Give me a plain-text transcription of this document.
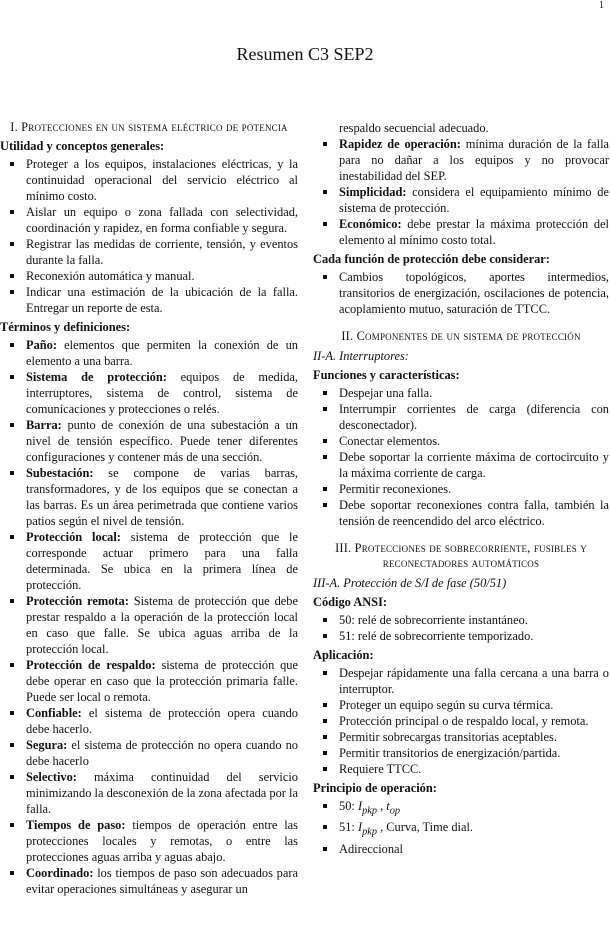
1
Resumen C3 SEP2
I. Protecciones en un sistema eléctrico de potencia
Utilidad y conceptos generales:
Proteger a los equipos, instalaciones eléctricas, y la continuidad operacional del servicio eléctrico al mínimo costo.
Aislar un equipo o zona fallada con selectividad, coordinación y rapidez, en forma confiable y segura.
Registrar las medidas de corriente, tensión, y eventos durante la falla.
Reconexión automática y manual.
Indicar una estimación de la ubicación de la falla. Entregar un reporte de esta.
Términos y definiciones:
Paño: elementos que permiten la conexión de un elemento a una barra.
Sistema de protección: equipos de medida, interruptores, sistema de control, sistema de comunicaciones y protecciones o relés.
Barra: punto de conexión de una subestación a un nivel de tensión específico. Puede tener diferentes configuraciones y contener más de una sección.
Subestación: se compone de varias barras, transformadores, y de los equipos que se conectan a las barras. Es un área perimetrada que contiene varios patios según el nivel de tensión.
Protección local: sistema de protección que le corresponde actuar primero para una falla determinada. Se ubica en la primera línea de protección.
Protección remota: Sistema de protección que debe prestar respaldo a la operación de la protección local en caso que falle. Se ubica aguas arriba de la protección local.
Protección de respaldo: sistema de protección que debe operar en caso que la protección primaria falle. Puede ser local o remota.
Confiable: el sistema de protección opera cuando debe hacerlo.
Segura: el sistema de protección no opera cuando no debe hacerlo
Selectivo: máxima continuidad del servicio minimizando la desconexión de la zona afectada por la falla.
Tiempos de paso: tiempos de operación entre las protecciones locales y remotas, o entre las protecciones aguas arriba y aguas abajo.
Coordinado: los tiempos de paso son adecuados para evitar operaciones simultáneas y asegurar un
respaldo secuencial adecuado.
Rapidez de operación: mínima duración de la falla para no dañar a los equipos y no provocar inestabilidad del SEP.
Simplicidad: considera el equipamiento mínimo de sistema de protección.
Económico: debe prestar la máxima protección del elemento al mínimo costo total.
Cada función de protección debe considerar:
Cambios topológicos, aportes intermedios, transitorios de energización, oscilaciones de potencia, acoplamiento mutuo, saturación de TTCC.
II. Componentes de un sistema de protección
II-A. Interruptores:
Funciones y características:
Despejar una falla.
Interrumpir corrientes de carga (diferencia con desconectador).
Conectar elementos.
Debe soportar la corriente máxima de cortocircuito y la máxima corriente de carga.
Permitir reconexiones.
Debe soportar reconexiones contra falla, también la tensión de reencendido del arco eléctrico.
III. Protecciones de sobrecorriente, fusibles y reconectadores automáticos
III-A. Protección de S/I de fase (50/51)
Código ANSI:
50: relé de sobrecorriente instantáneo.
51: relé de sobrecorriente temporizado.
Aplicación:
Despejar rápidamente una falla cercana a una barra o interruptor.
Proteger un equipo según su curva térmica.
Protección principal o de respaldo local, y remota.
Permitir sobrecargas transitorias aceptables.
Permitir transitorios de energización/partida.
Requiere TTCC.
Principio de operación:
50: $I_{pkp}$ , $t_{op}$
51: $I_{pkp}$ , Curva, Time dial.
Adireccional
